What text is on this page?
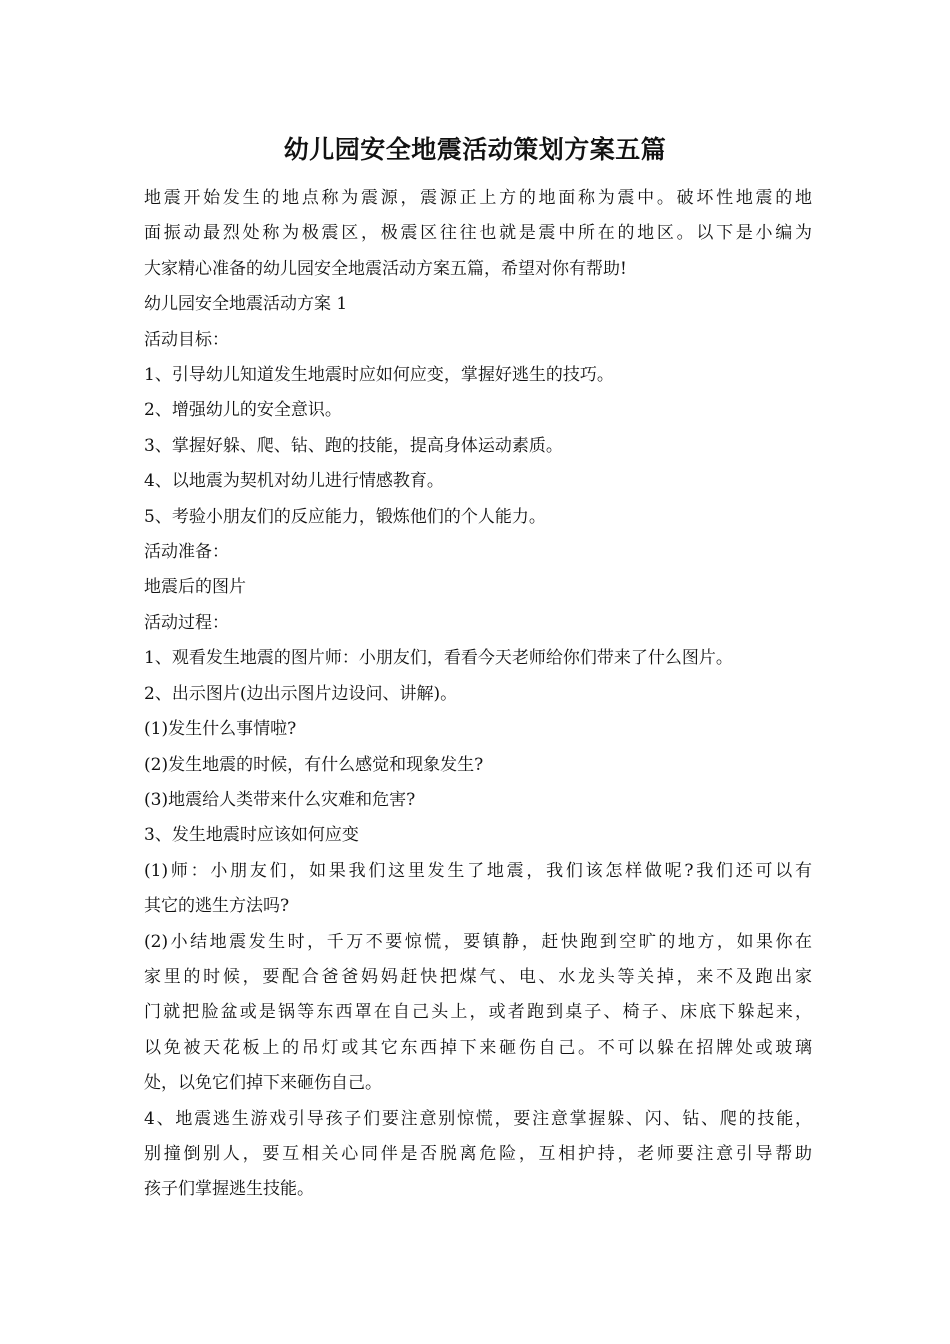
幼儿园安全地震活动策划方案五篇

地震开始发生的地点称为震源，震源正上方的地面称为震中。破坏性地震的地

面振动最烈处称为极震区，极震区往往也就是震中所在的地区。以下是小编为

大家精心准备的幼儿园安全地震活动方案五篇，希望对你有帮助!

幼儿园安全地震活动方案 1

活动目标：

1、引导幼儿知道发生地震时应如何应变，掌握好逃生的技巧。

2、增强幼儿的安全意识。

3、掌握好躲、爬、钻、跑的技能，提高身体运动素质。

4、以地震为契机对幼儿进行情感教育。

5、考验小朋友们的反应能力，锻炼他们的个人能力。

活动准备：

地震后的图片

活动过程：

1、观看发生地震的图片师：小朋友们，看看今天老师给你们带来了什么图片。

2、出示图片(边出示图片边设问、讲解)。

(1)发生什么事情啦?

(2)发生地震的时候，有什么感觉和现象发生?

(3)地震给人类带来什么灾难和危害?

3、发生地震时应该如何应变

(1)师：小朋友们，如果我们这里发生了地震，我们该怎样做呢?我们还可以有

其它的逃生方法吗?

(2)小结地震发生时，千万不要惊慌，要镇静，赶快跑到空旷的地方，如果你在

家里的时候，要配合爸爸妈妈赶快把煤气、电、水龙头等关掉，来不及跑出家

门就把脸盆或是锅等东西罩在自己头上，或者跑到桌子、椅子、床底下躲起来，

以免被天花板上的吊灯或其它东西掉下来砸伤自己。不可以躲在招牌处或玻璃

处，以免它们掉下来砸伤自己。

4、地震逃生游戏引导孩子们要注意别惊慌，要注意掌握躲、闪、钻、爬的技能，

别撞倒别人，要互相关心同伴是否脱离危险，互相护持，老师要注意引导帮助

孩子们掌握逃生技能。
